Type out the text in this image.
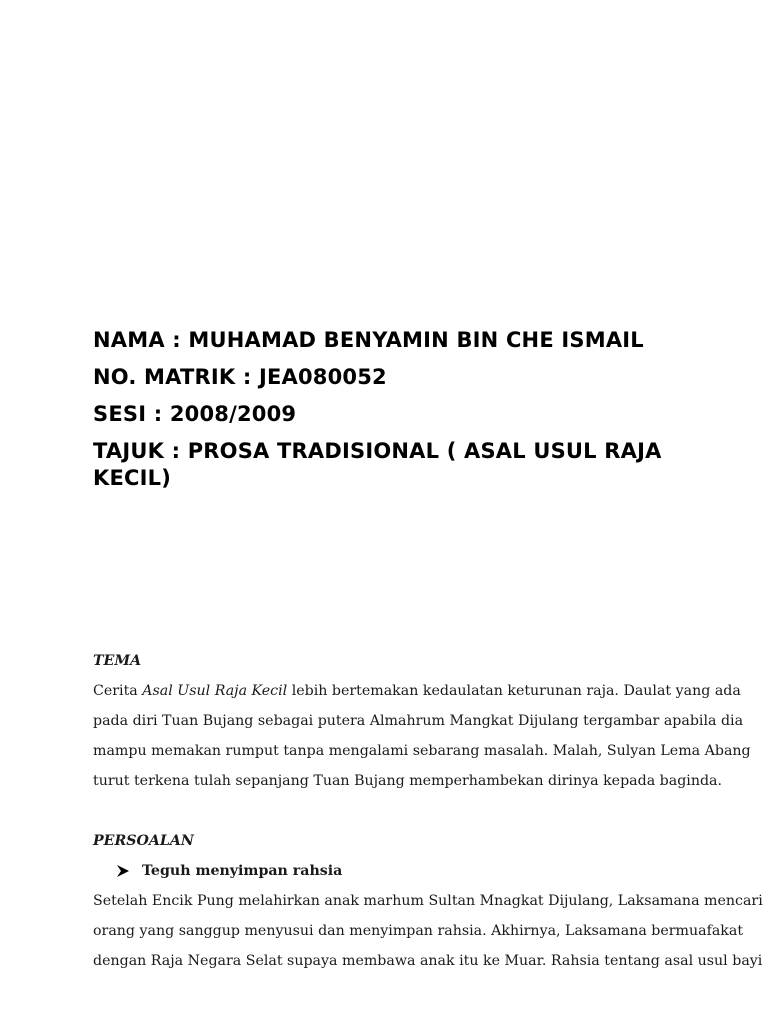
NAMA : MUHAMAD BENYAMIN BIN CHE ISMAIL

NO. MATRIK : JEA080052

SESI : 2008/2009

TAJUK : PROSA TRADISIONAL ( ASAL USUL RAJA KECIL)

TEMA

Cerita Asal Usul Raja Kecil lebih bertemakan kedaulatan keturunan raja. Daulat yang ada
pada diri Tuan Bujang sebagai putera Almahrum Mangkat Dijulang tergambar apabila dia
mampu memakan rumput tanpa mengalami sebarang masalah. Malah, Sulyan Lema Abang
turut terkena tulah sepanjang Tuan Bujang memperhambekan dirinya kepada baginda.

PERSOALAN

Teguh menyimpan rahsia

Setelah Encik Pung melahirkan anak marhum Sultan Mnagkat Dijulang, Laksamana mencari
orang yang sanggup menyusui dan menyimpan rahsia. Akhirnya, Laksamana bermuafakat
dengan Raja Negara Selat supaya membawa anak itu ke Muar. Rahsia tentang asal usul bayi
